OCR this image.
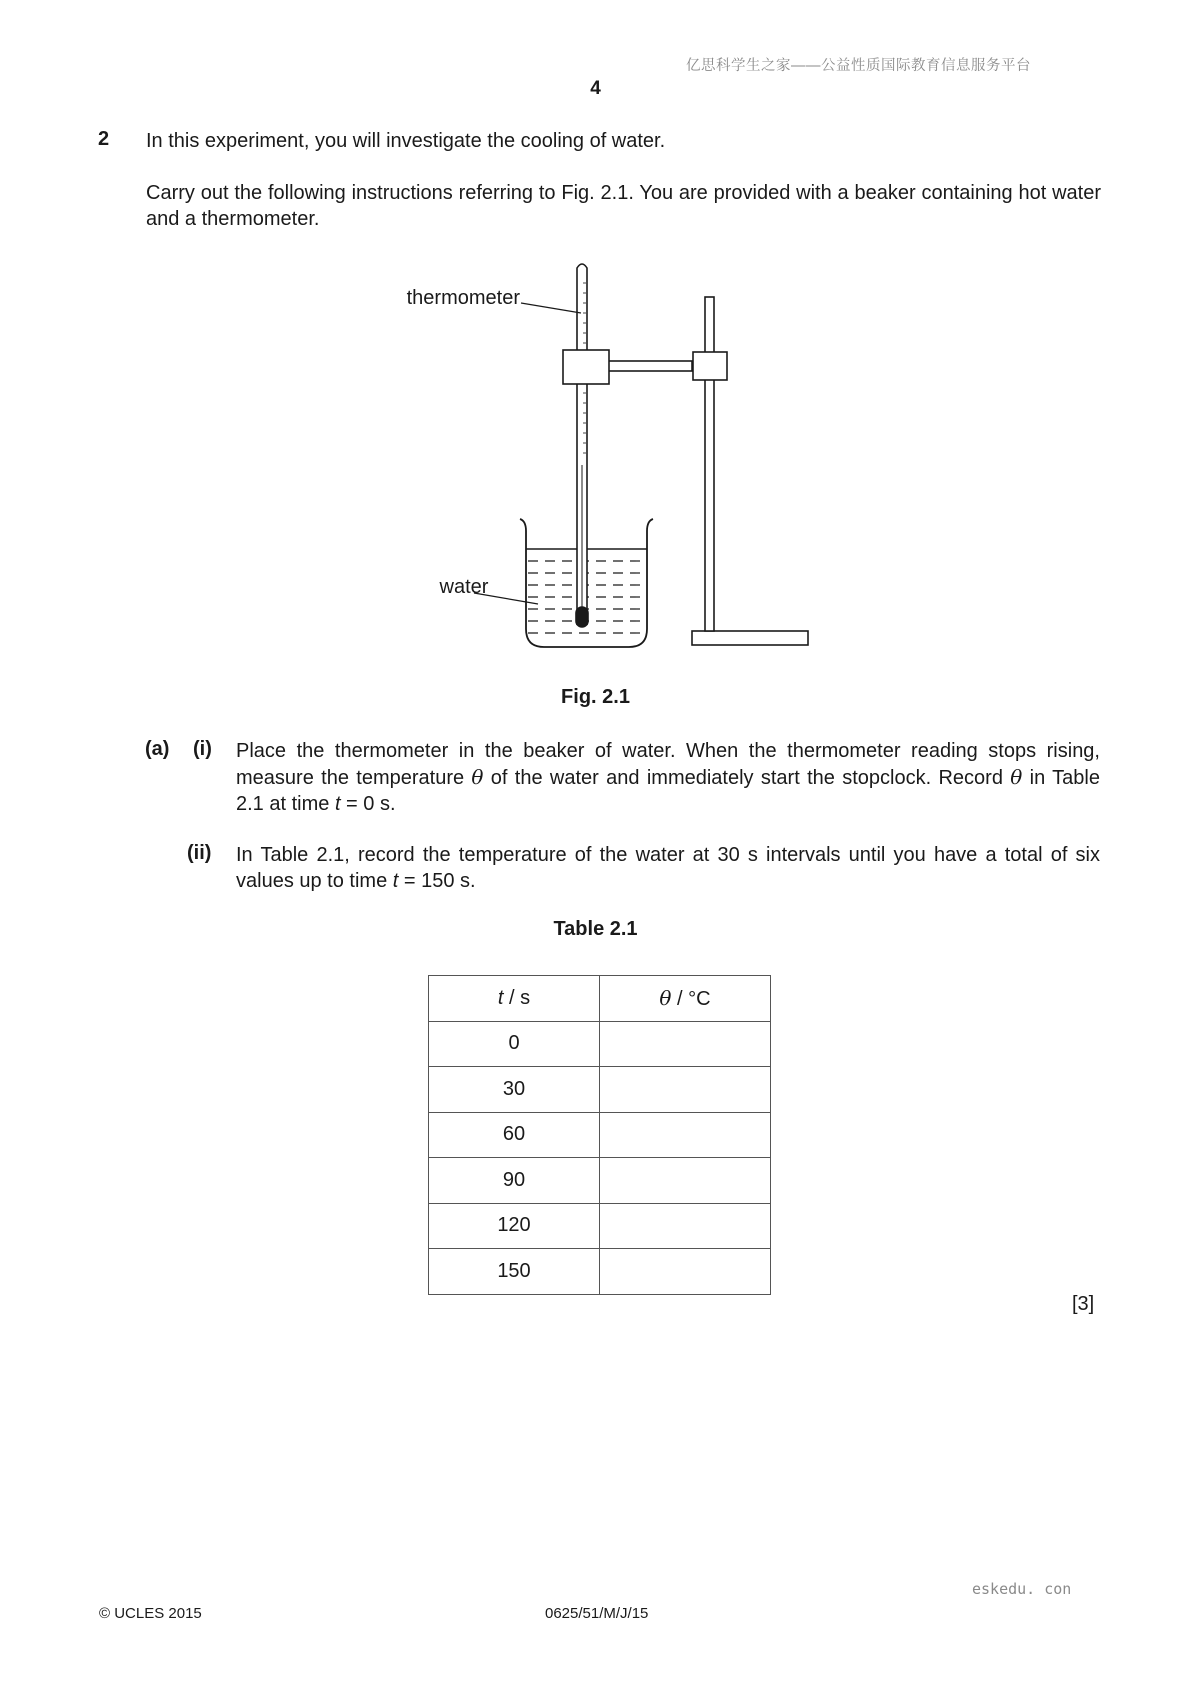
亿思科学生之家——公益性质国际教育信息服务平台
4
2 In this experiment, you will investigate the cooling of water.
Carry out the following instructions referring to Fig. 2.1. You are provided with a beaker containing hot water and a thermometer.
thermometer
water
Fig. 2.1
(a) (i) Place the thermometer in the beaker of water. When the thermometer reading stops rising, measure the temperature θ of the water and immediately start the stopclock. Record θ in Table 2.1 at time t = 0 s.
(ii) In Table 2.1, record the temperature of the water at 30 s intervals until you have a total of six values up to time t = 150 s.
Table 2.1
t / s	θ / °C
0	
30	
60	
90	
120	
150	
[3]
eskedu. con
© UCLES 2015	0625/51/M/J/15
